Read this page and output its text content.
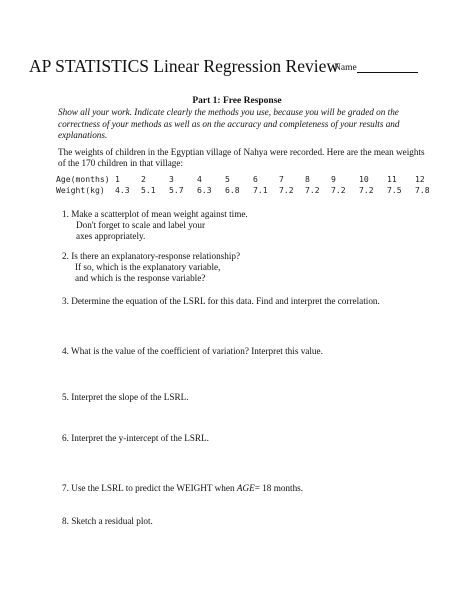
AP STATISTICS Linear Regression Review
Name
Part 1: Free Response
Show all your work. Indicate clearly the methods you use, because you will be graded on the correctness of your methods as well as on the accuracy and completeness of your results and explanations.
The weights of children in the Egyptian village of Nahya were recorded. Here are the mean weights of the 170 children in that village:
Age(months)	1	2	3	4	5	6	7	8	9	10	11	12
Weight(kg)	4.3	5.1	5.7	6.3	6.8	7.1	7.2	7.2	7.2	7.2	7.5	7.8
1. Make a scatterplot of mean weight against time.
Don't forget to scale and label your
axes appropriately.
2. Is there an explanatory-response relationship?
If so, which is the explanatory variable,
and which is the response variable?
3. Determine the equation of the LSRL for this data. Find and interpret the correlation.
4. What is the value of the coefficient of variation? Interpret this value.
5. Interpret the slope of the LSRL.
6. Interpret the y-intercept of the LSRL.
7. Use the LSRL to predict the WEIGHT when AGE= 18 months.
8. Sketch a residual plot.
